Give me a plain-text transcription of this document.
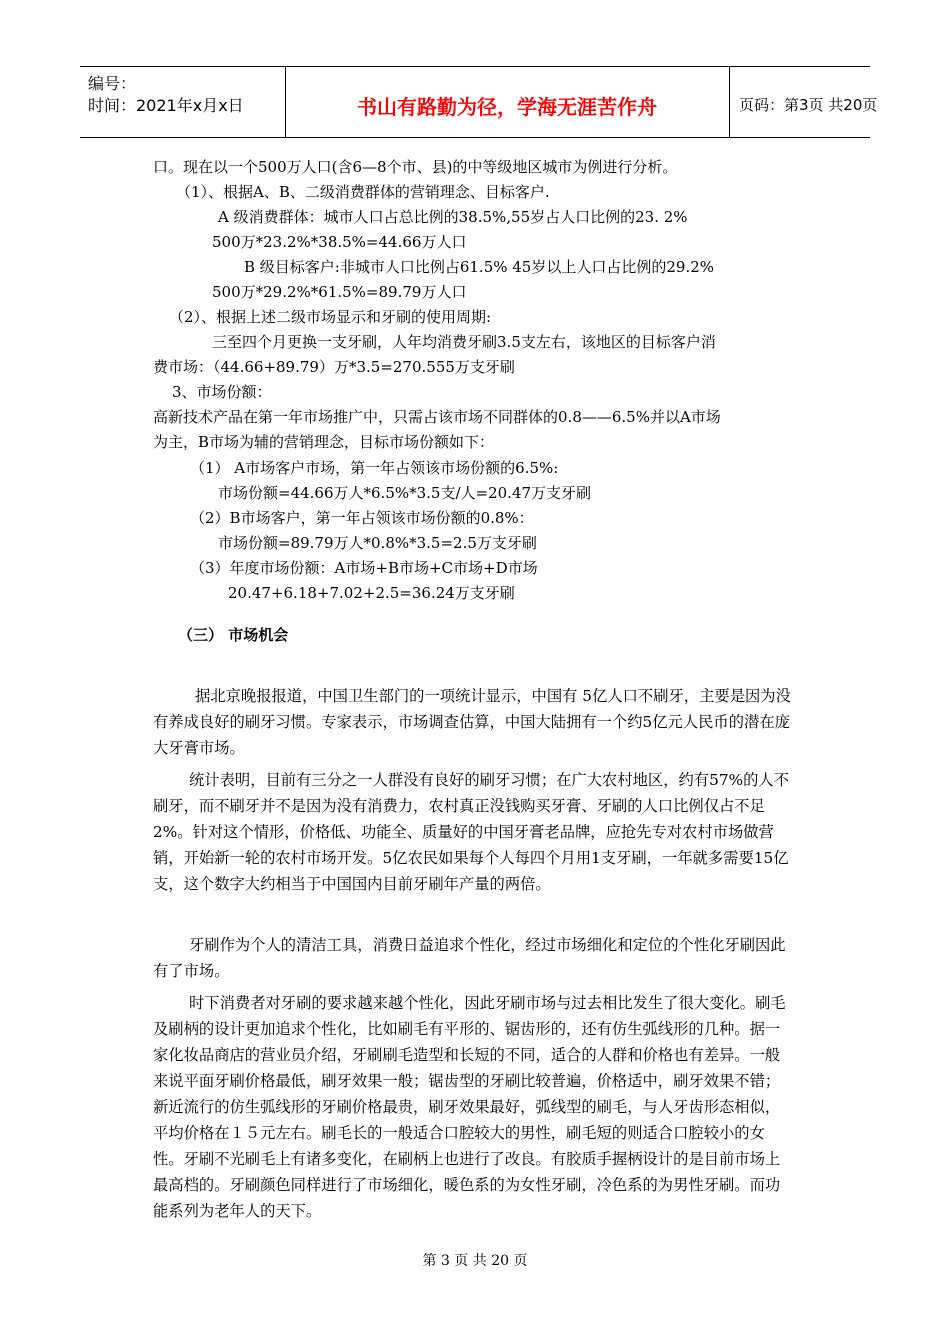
编号：
时间：2021年x月x日	书山有路勤为径，学海无涯苦作舟	页码：第3页 共20页
口。现在以一个500万人口(含6—8个市、县)的中等级地区城市为例进行分析。
（1）、根据A、B、二级消费群体的营销理念、目标客户.
A 级消费群体：城市人口占总比例的38.5%,55岁占人口比例的23. 2%
500万*23.2%*38.5%=44.66万人口
B 级目标客户:非城市人口比例占61.5% 45岁以上人口占比例的29.2%
500万*29.2%*61.5%=89.79万人口
（2）、根据上述二级市场显示和牙刷的使用周期:
三至四个月更换一支牙刷，人年均消费牙刷3.5支左右，该地区的目标客户消
费市场：（44.66+89.79）万*3.5=270.555万支牙刷
3、市场份额：
高新技术产品在第一年市场推广中，只需占该市场不同群体的0.8——6.5%并以A市场
为主，B市场为辅的营销理念，目标市场份额如下：
（1） A市场客户市场，第一年占领该市场份额的6.5%:
市场份额=44.66万人*6.5%*3.5支/人=20.47万支牙刷
（2）B市场客户，第一年占领该市场份额的0.8%：
市场份额=89.79万人*0.8%*3.5=2.5万支牙刷
（3）年度市场份额：A市场+B市场+C市场+D市场
20.47+6.18+7.02+2.5=36.24万支牙刷
（三） 市场机会
据北京晚报报道，中国卫生部门的一项统计显示，中国有 5亿人口不刷牙，主要是因为没有养成良好的刷牙习惯。专家表示，市场调查估算，中国大陆拥有一个约5亿元人民币的潜在庞大牙膏市场。
统计表明，目前有三分之一人群没有良好的刷牙习惯；在广大农村地区，约有57%的人不刷牙，而不刷牙并不是因为没有消费力，农村真正没钱购买牙膏、牙刷的人口比例仅占不足 2%。针对这个情形，价格低、功能全、质量好的中国牙膏老品牌，应抢先专对农村市场做营销，开始新一轮的农村市场开发。5亿农民如果每个人每四个月用1支牙刷，一年就多需要15亿支，这个数字大约相当于中国国内目前牙刷年产量的两倍。
牙刷作为个人的清洁工具，消费日益追求个性化，经过市场细化和定位的个性化牙刷因此有了市场。
时下消费者对牙刷的要求越来越个性化，因此牙刷市场与过去相比发生了很大变化。刷毛及刷柄的设计更加追求个性化，比如刷毛有平形的、锯齿形的，还有仿生弧线形的几种。据一家化妆品商店的营业员介绍，牙刷刷毛造型和长短的不同，适合的人群和价格也有差异。一般来说平面牙刷价格最低，刷牙效果一般；锯齿型的牙刷比较普遍，价格适中，刷牙效果不错；新近流行的仿生弧线形的牙刷价格最贵，刷牙效果最好，弧线型的刷毛，与人牙齿形态相似，平均价格在１５元左右。刷毛长的一般适合口腔较大的男性，刷毛短的则适合口腔较小的女性。牙刷不光刷毛上有诸多变化，在刷柄上也进行了改良。有胶质手握柄设计的是目前市场上最高档的。牙刷颜色同样进行了市场细化，暖色系的为女性牙刷，冷色系的为男性牙刷。而功能系列为老年人的天下。
第 3 页 共 20 页
